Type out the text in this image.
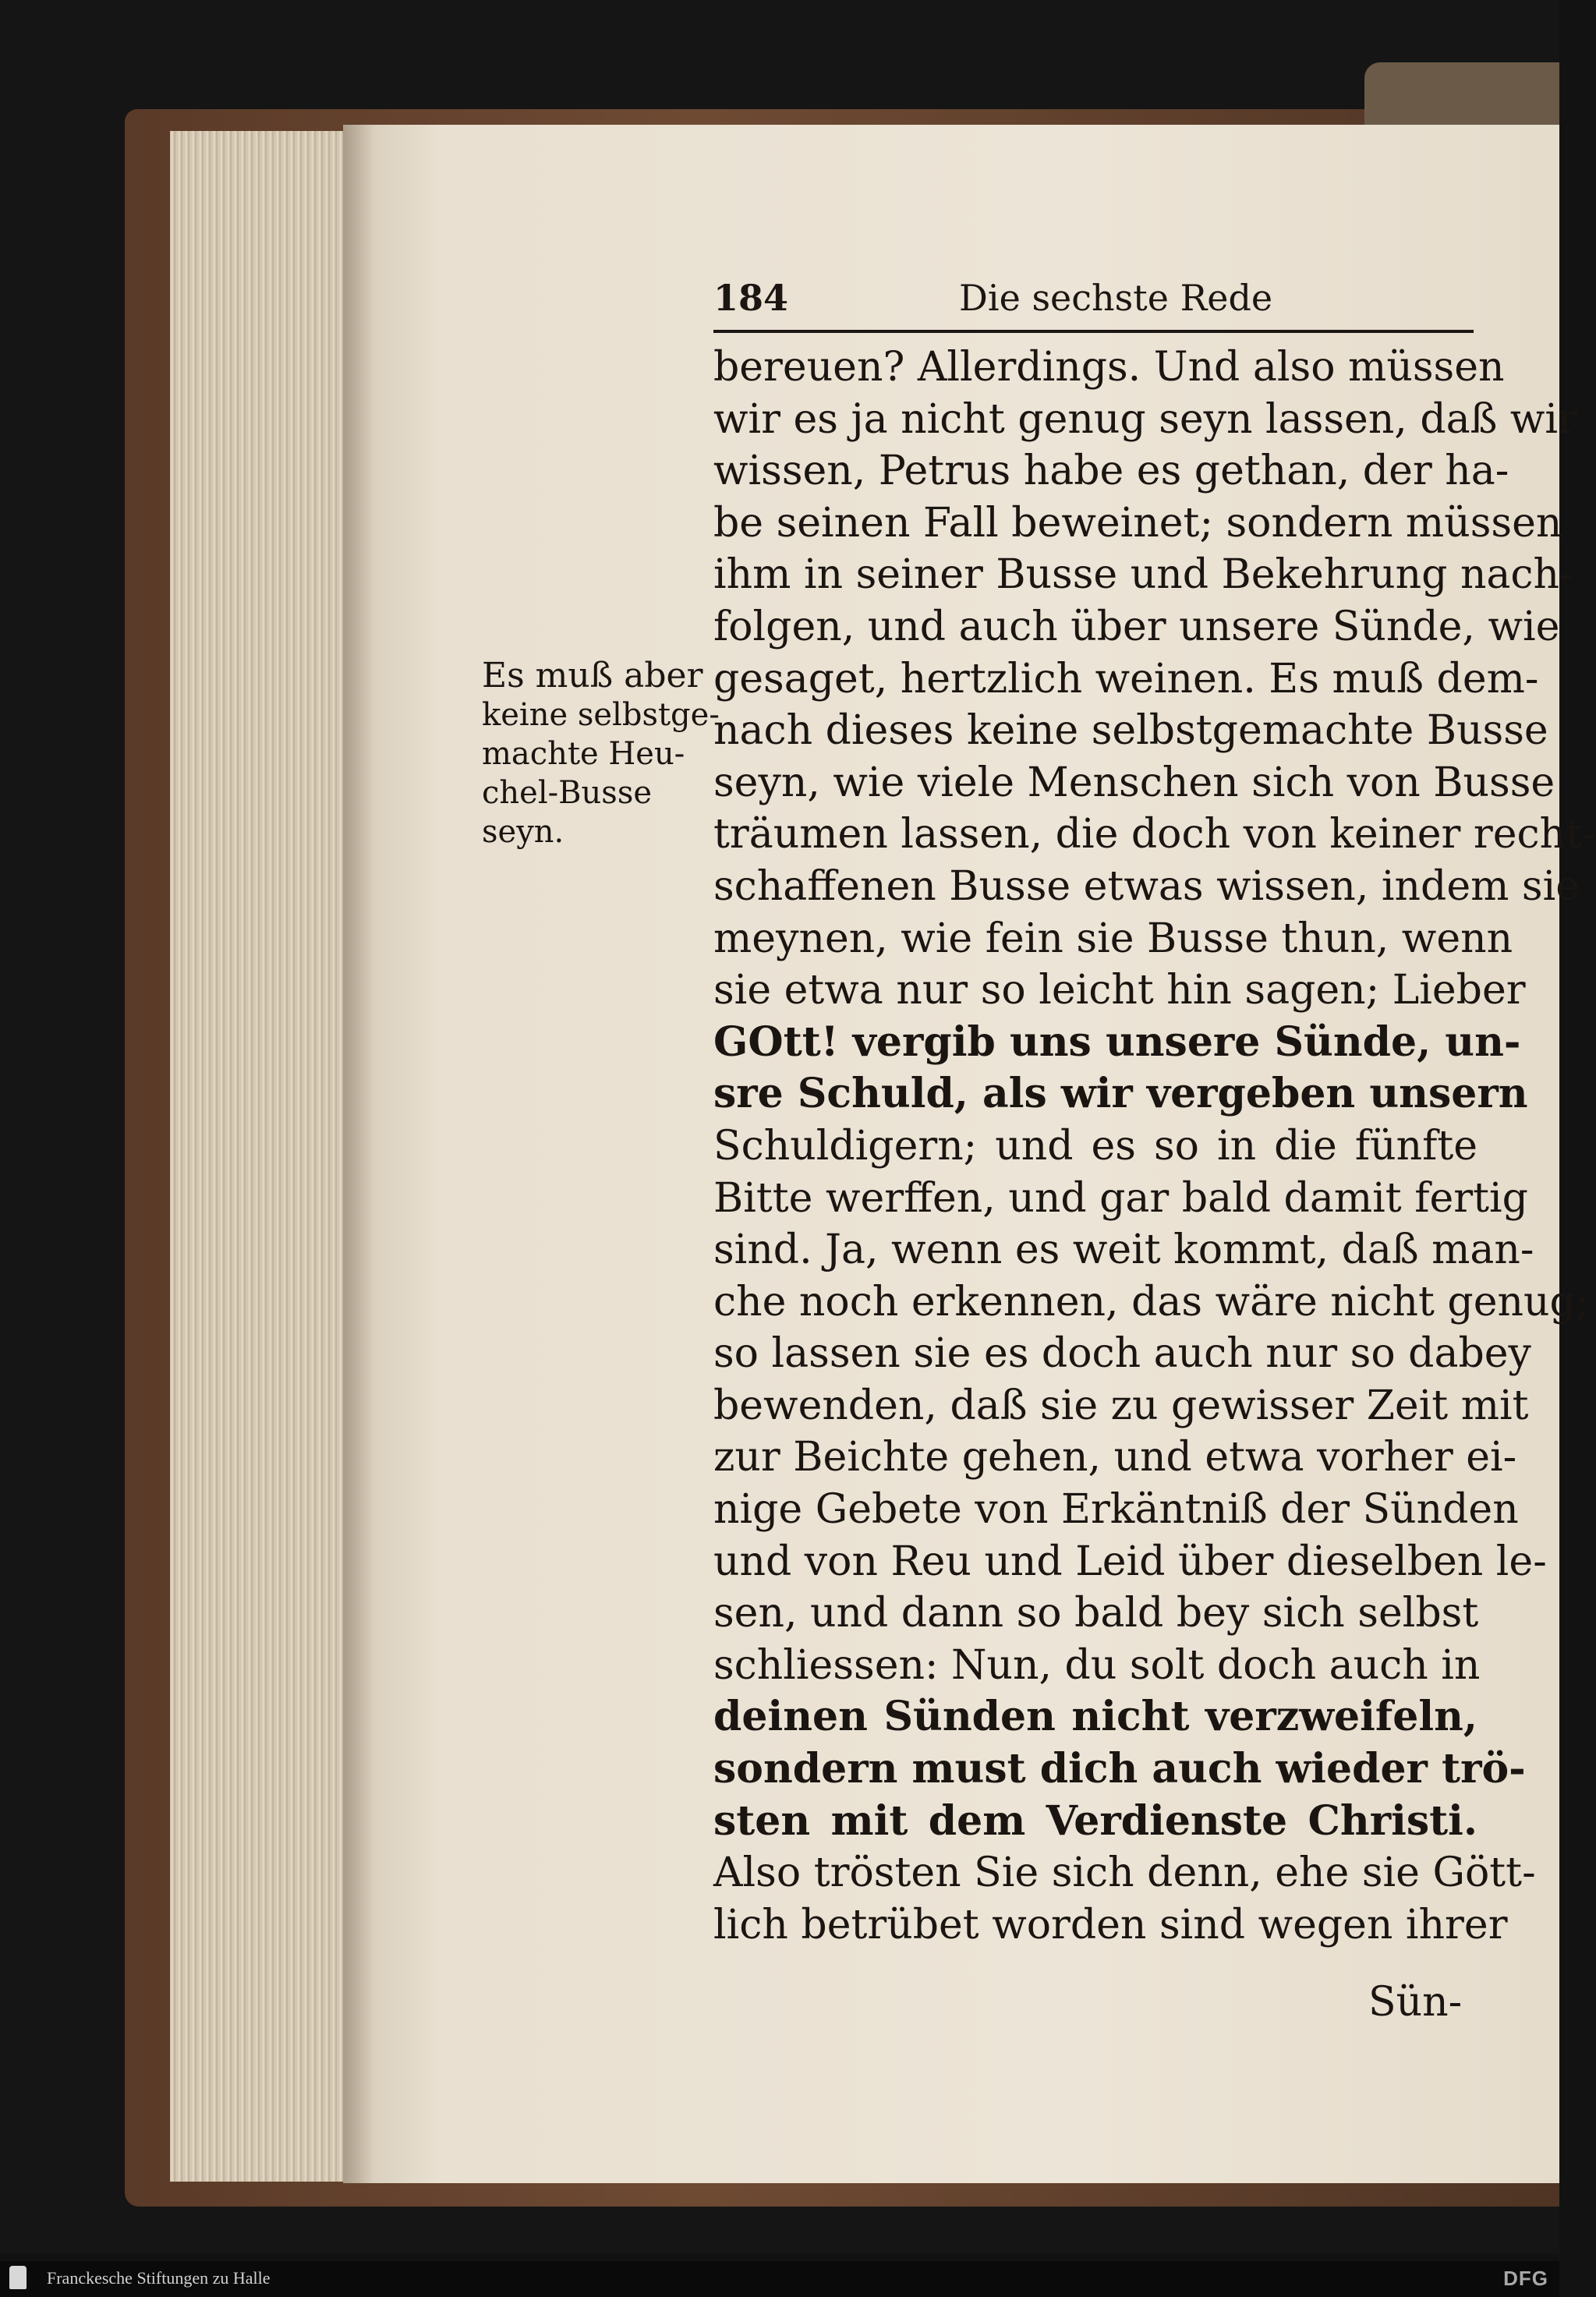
184	Die sechste Rede
bereuen? Allerdings. Und also müssen
wir es ja nicht genug seyn lassen, daß wir
wissen, Petrus habe es gethan, der ha-
be seinen Fall beweinet; sondern müssen
ihm in seiner Busse und Bekehrung nach-
folgen, und auch über unsere Sünde, wie
gesaget, hertzlich weinen. Es muß dem-
nach dieses keine selbstgemachte Busse
seyn, wie viele Menschen sich von Busse
träumen lassen, die doch von keiner recht-
schaffenen Busse etwas wissen, indem sie
meynen, wie fein sie Busse thun, wenn
sie etwa nur so leicht hin sagen; Lieber
GOtt! vergib uns unsere Sünde, un-
sre Schuld, als wir vergeben unsern
Schuldigern; und es so in die fünfte
Bitte werffen, und gar bald damit fertig
sind. Ja, wenn es weit kommt, daß man-
che noch erkennen, das wäre nicht genug;
so lassen sie es doch auch nur so dabey
bewenden, daß sie zu gewisser Zeit mit
zur Beichte gehen, und etwa vorher ei-
nige Gebete von Erkäntniß der Sünden
und von Reu und Leid über dieselben le-
sen, und dann so bald bey sich selbst
schliessen: Nun, du solt doch auch in
deinen Sünden nicht verzweifeln,
sondern must dich auch wieder trö-
sten mit dem Verdienste Christi.
Also trösten Sie sich denn, ehe sie Gött-
lich betrübet worden sind wegen ihrer
Sün-
Es muß aber
keine selbstge-
machte Heu-
chel-Busse
seyn.
Franckesche Stiftungen zu Halle	DFG
